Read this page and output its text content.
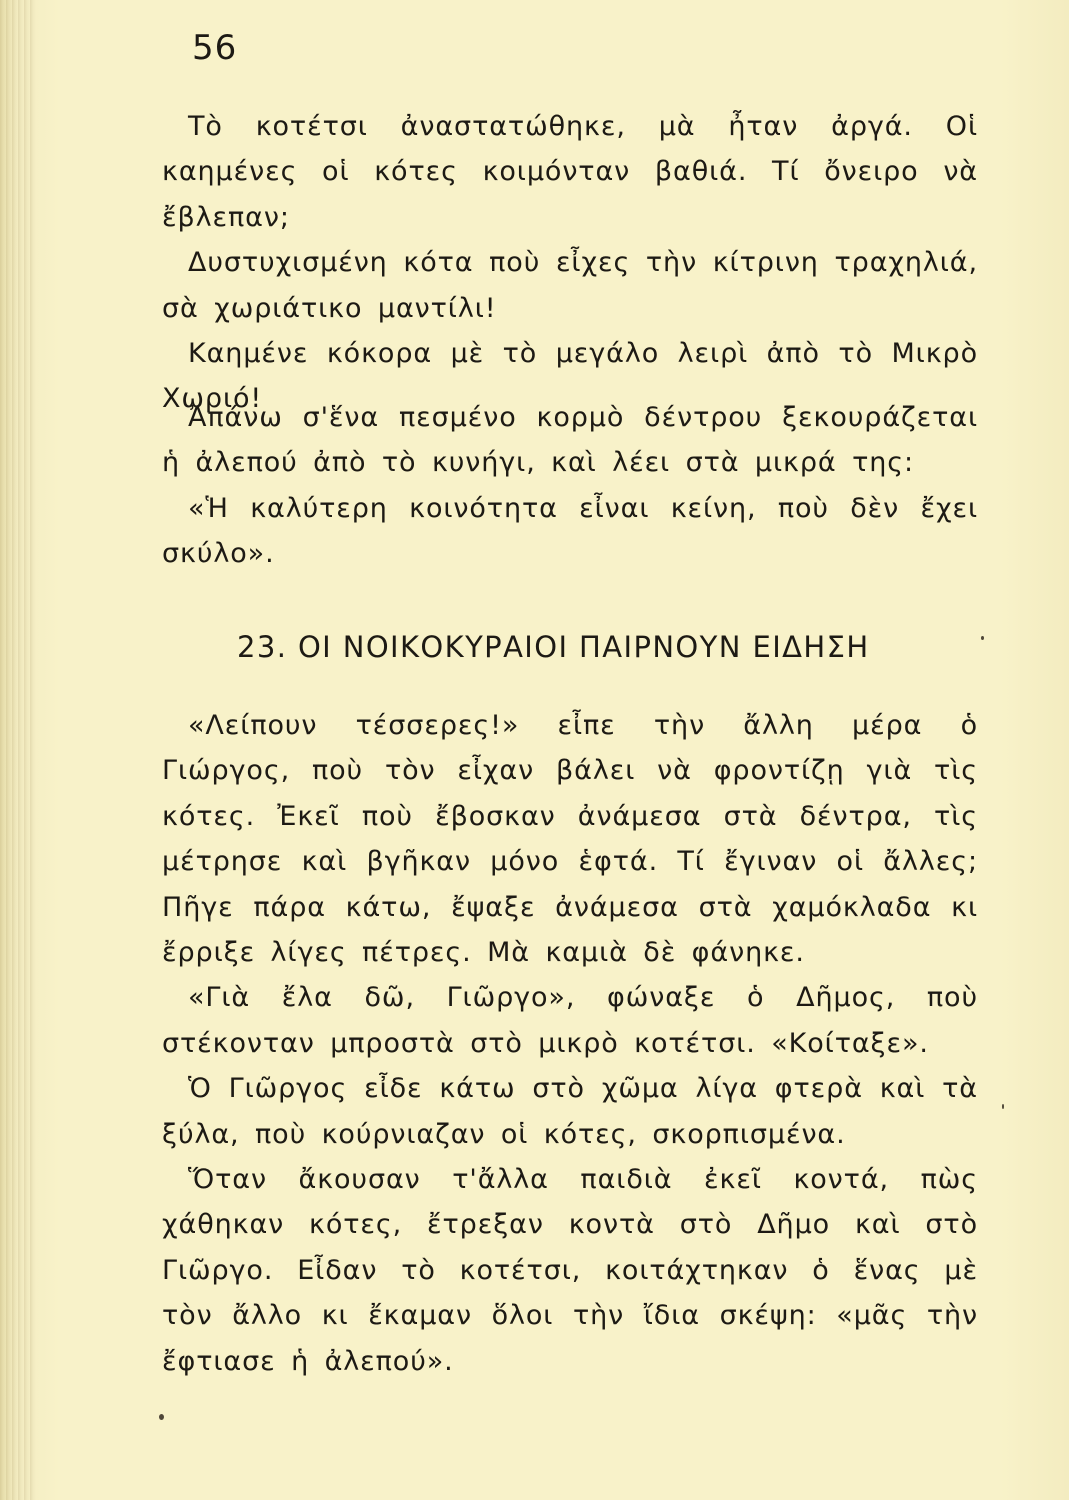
56

Τὸ κοτέτσι ἀναστατώθηκε, μὰ ἦταν ἀργά. Οἱ καημένες οἱ κότες κοιμόνταν βαθιά. Τί ὄνειρο νὰ ἔβλεπαν;

Δυστυχισμένη κότα ποὺ εἶχες τὴν κίτρινη τραχηλιά, σὰ χωριάτικο μαντίλι!

Καημένε κόκορα μὲ τὸ μεγάλο λειρὶ ἀπὸ τὸ Μικρὸ Χωριό!

Ἀπάνω σ'ἕνα πεσμένο κορμὸ δέντρου ξεκουράζεται ἡ ἀλεπού ἀπὸ τὸ κυνήγι, καὶ λέει στὰ μικρά της:

«Ἡ καλύτερη κοινότητα εἶναι κείνη, ποὺ δὲν ἔχει σκύλο».

23. ΟΙ ΝΟΙΚΟΚΥΡΑΙΟΙ ΠΑΙΡΝΟΥΝ ΕΙΔΗΣΗ

«Λείπουν τέσσερες!» εἶπε τὴν ἄλλη μέρα ὁ Γιώργος, ποὺ τὸν εἶχαν βάλει νὰ φροντίζῃ γιὰ τὶς κότες. Ἐκεῖ ποὺ ἔβοσκαν ἀνάμεσα στὰ δέντρα, τὶς μέτρησε καὶ βγῆκαν μόνο ἑφτά. Τί ἔγιναν οἱ ἄλλες; Πῆγε πάρα κάτω, ἔψαξε ἀνάμεσα στὰ χαμόκλαδα κι ἔρριξε λίγες πέτρες. Μὰ καμιὰ δὲ φάνηκε.

«Γιὰ ἔλα δῶ, Γιῶργο», φώναξε ὁ Δῆμος, ποὺ στέκονταν μπροστὰ στὸ μικρὸ κοτέτσι. «Κοίταξε».

Ὁ Γιῶργος εἶδε κάτω στὸ χῶμα λίγα φτερὰ καὶ τὰ ξύλα, ποὺ κούρνιαζαν οἱ κότες, σκορπισμένα.

Ὅταν ἄκουσαν τ'ἄλλα παιδιὰ ἐκεῖ κοντά, πὼς χάθηκαν κότες, ἔτρεξαν κοντὰ στὸ Δῆμο καὶ στὸ Γιῶργο. Εἶδαν τὸ κοτέτσι, κοιτάχτηκαν ὁ ἕνας μὲ τὸν ἄλλο κι ἔκαμαν ὅλοι τὴν ἴδια σκέψη: «μᾶς τὴν ἔφτιασε ἡ ἀλεπού».
